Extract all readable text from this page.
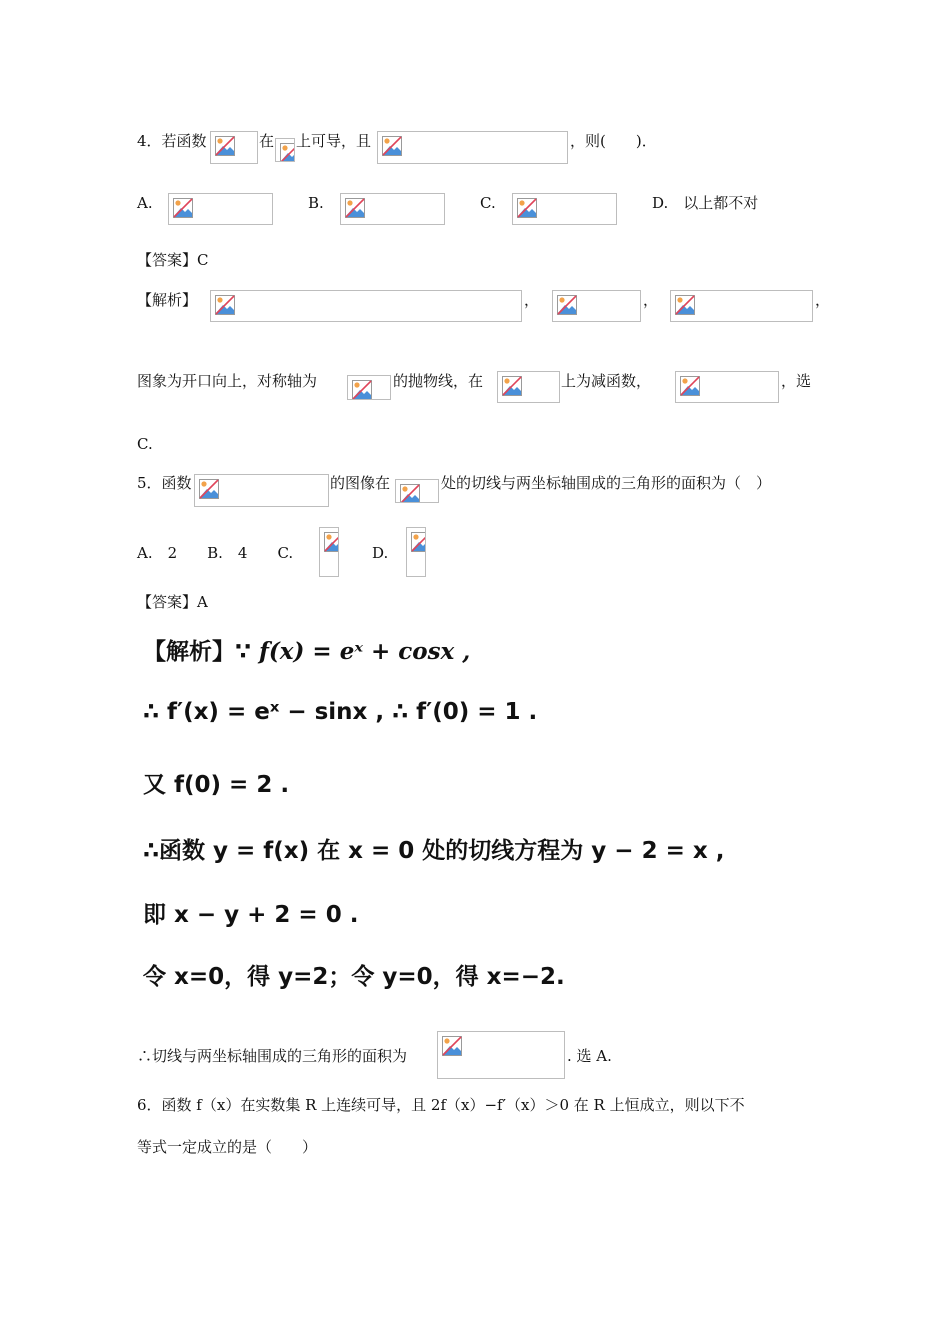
4．若函数	在 上可导，且	，则(　　)．
A.	B.	C.	D.　以上都不对
【答案】C
【解析】	，	，	，
图象为开口向上，对称轴为	的抛物线，在	上为减函数，	，选
C.
5．函数	的图像在	处的切线与两坐标轴围成的三角形的面积为（　）
A.　2　　B.　4　　C.	D.
【答案】A
【解析】∵ f(x) = eˣ + cosx ,
∴ f′(x) = eˣ − sinx , ∴ f′(0) = 1 .
又 f(0) = 2 .
∴函数 y = f(x) 在 x = 0 处的切线方程为 y − 2 = x ,
即 x − y + 2 = 0 .
令 x=0，得 y=2；令 y=0，得 x=−2.
∴切线与两坐标轴围成的三角形的面积为	. 选 A.
6．函数 f（x）在实数集 R 上连续可导，且 2f（x）−f′（x）＞0 在 R 上恒成立，则以下不
等式一定成立的是（　　）
